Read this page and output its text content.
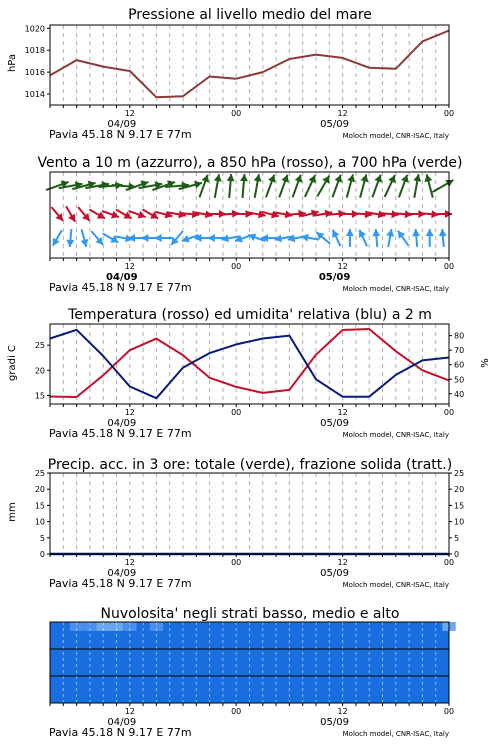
Pressione al livello medio del mare
Vento a 10 m (azzurro), a 850 hPa (rosso), a 700 hPa (verde)
Temperatura (rosso) ed umidita' relativa (blu) a 2 m
Precip. acc. in 3 ore: totale (verde), frazione solida (tratt.)
Nuvolosita' negli strati basso, medio e alto
hPa
gradi C	%
mm
12	00	12	00
04/09	05/09
Pavia 45.18 N 9.17 E 77m	Moloch model, CNR-ISAC, Italy
12	00	12	00
04/09	05/09
Pavia 45.18 N 9.17 E 77m	Moloch model, CNR-ISAC, Italy
12	00	12	00
04/09	05/09
Pavia 45.18 N 9.17 E 77m	Moloch model, CNR-ISAC, Italy
12	00	12	00
04/09	05/09
Pavia 45.18 N 9.17 E 77m	Moloch model, CNR-ISAC, Italy
12	00	12	00
04/09	05/09
Pavia 45.18 N 9.17 E 77m	Moloch model, CNR-ISAC, Italy
1014
1016
1018
1020
15
20
25
40
50
60
70
80
0
5
10
15
20
25
0
5
10
15
20
25
